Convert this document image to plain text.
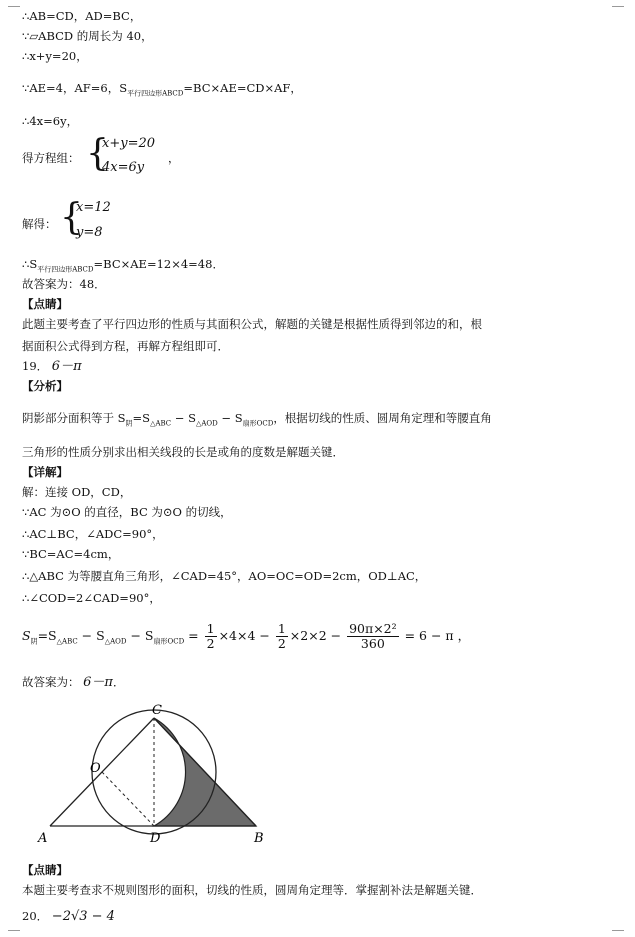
∴AB=CD，AD=BC，
∵▱ABCD 的周长为 40，
∴x+y=20，
∵AE=4，AF=6，$S_{平行四边形ABCD}=BC\times AE=CD\times AF$，
∴4x=6y，
得方程组： {
x+y=20
4x=6y
，
解得： {
x=12
y=8
$\therefore S_{平行四边形ABCD}=BC\times AE=12\times 4=48$．
故答案为：48．
【点睛】
此题主要考查了平行四边形的性质与其面积公式，解题的关键是根据性质得到邻边的和，根
据面积公式得到方程，再解方程组即可．
19． 6－π
【分析】
阴影部分面积等于 $S_阴=S_{\triangle ABC} - S_{\triangle AOD} - S_{扇形OCD}$，根据切线的性质、圆周角定理和等腰直角
三角形的性质分别求出相关线段的长是或角的度数是解题关键．
【详解】
解：连接 OD，CD，
∵AC 为⊙O 的直径，BC 为⊙O 的切线，
∴AC⊥BC，∠ADC=90°，
∵BC=AC=4cm，
∴△ABC 为等腰直角三角形，∠CAD=45°，AO=OC=OD=2cm，OD⊥AC，
∴∠COD=2∠CAD=90°，
$S_阴=S_{\triangle ABC} - S_{\triangle AOD} - S_{扇形OCD} = \frac{1}{2} \times 4\times 4 - \frac{1}{2} \times 2\times 2 - \frac{\text{90π×2²}}{360} = 6 - \pi$ ，
故答案为： 6－π．
C
O
A	D	B
【点睛】
本题主要考查求不规则图形的面积，切线的性质，圆周角定理等．掌握割补法是解题关键．
20． −2√3 − 4
